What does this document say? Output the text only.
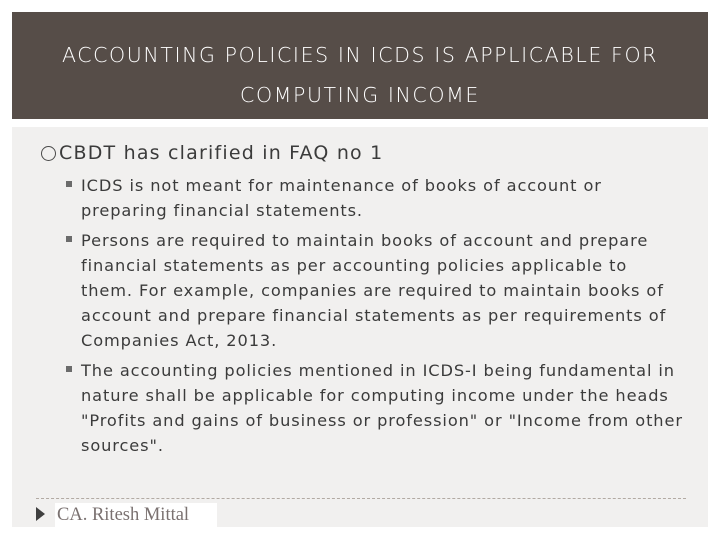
ACCOUNTING POLICIES IN ICDS IS APPLICABLE FOR
COMPUTING INCOME
CBDT has clarified in FAQ no 1
ICDS is not meant for maintenance of books of account or preparing financial statements.
Persons are required to maintain books of account and prepare financial statements as per accounting policies applicable to them. For example, companies are required to maintain books of account and prepare financial statements as per requirements of Companies Act, 2013.
The accounting policies mentioned in ICDS-I being fundamental in nature shall be applicable for computing income under the heads "Profits and gains of business or profession" or "Income from other sources".
CA. Ritesh Mittal
